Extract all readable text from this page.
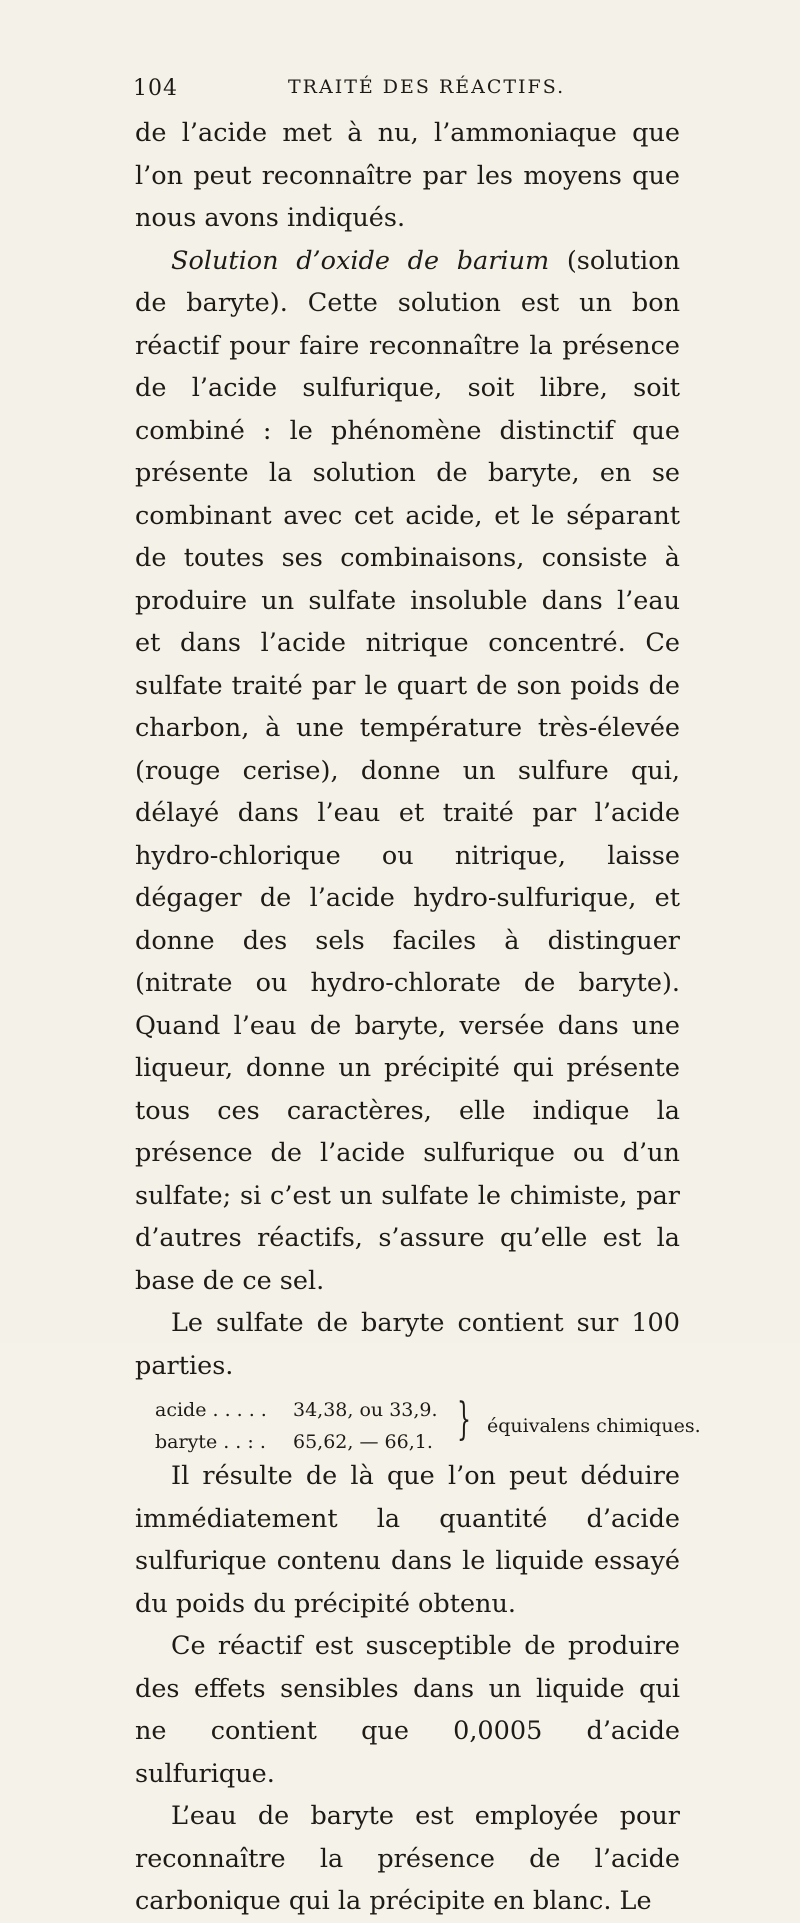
104	TRAITÉ DES RÉACTIFS.

de l’acide met à nu, l’ammoniaque que l’on peut reconnaître par les moyens que nous avons indiqués.

Solution d’oxide de barium (solution de baryte). Cette solution est un bon réactif pour faire reconnaître la présence de l’acide sulfurique, soit libre, soit combiné : le phénomène distinctif que présente la solution de baryte, en se combinant avec cet acide, et le séparant de toutes ses combinaisons, consiste à produire un sulfate insoluble dans l’eau et dans l’acide nitrique concentré. Ce sulfate traité par le quart de son poids de charbon, à une température très-élevée (rouge cerise), donne un sulfure qui, délayé dans l’eau et traité par l’acide hydro-chlorique ou nitrique, laisse dégager de l’acide hydro-sulfurique, et donne des sels faciles à distinguer (nitrate ou hydro-chlorate de baryte). Quand l’eau de baryte, versée dans une liqueur, donne un précipité qui présente tous ces caractères, elle indique la présence de l’acide sulfurique ou d’un sulfate; si c’est un sulfate le chimiste, par d’autres réactifs, s’assure qu’elle est la base de ce sel.

Le sulfate de baryte contient sur 100 parties.

acide . . . . . 34,38, ou 33,9.
baryte . . : . 65,62, — 66,1. } équivalens chimiques.

Il résulte de là que l’on peut déduire immédiatement la quantité d’acide sulfurique contenu dans le liquide essayé du poids du précipité obtenu.

Ce réactif est susceptible de produire des effets sensibles dans un liquide qui ne contient que 0,0005 d’acide sulfurique.

L’eau de baryte est employée pour reconnaître la présence de l’acide carbonique qui la précipite en blanc. Le
